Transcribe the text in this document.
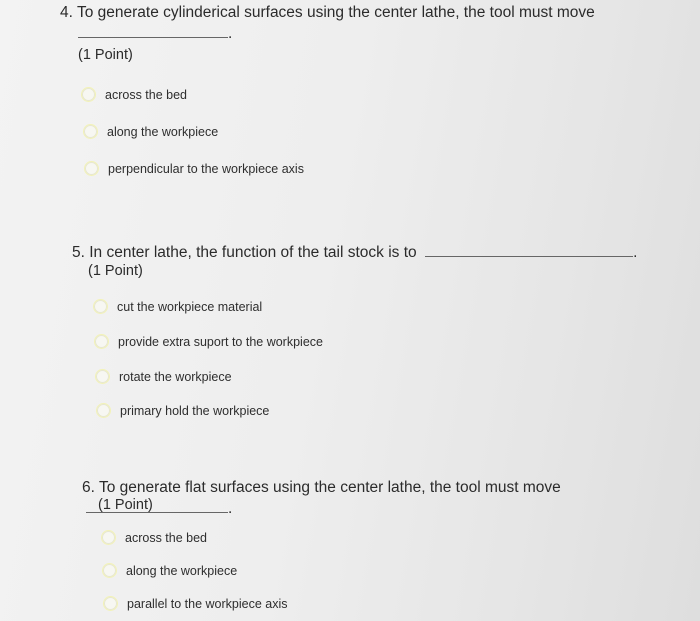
4. To generate cylinderical surfaces using the center lathe, the tool must move
.
(1 Point)
across the bed
along the workpiece
perpendicular to the workpiece axis
5. In center lathe, the function of the tail stock is to	.
(1 Point)
cut the workpiece material
provide extra suport to the workpiece
rotate the workpiece
primary hold the workpiece
6. To generate flat surfaces using the center lathe, the tool must move .
(1 Point)
across the bed
along the workpiece
parallel to the workpiece axis
